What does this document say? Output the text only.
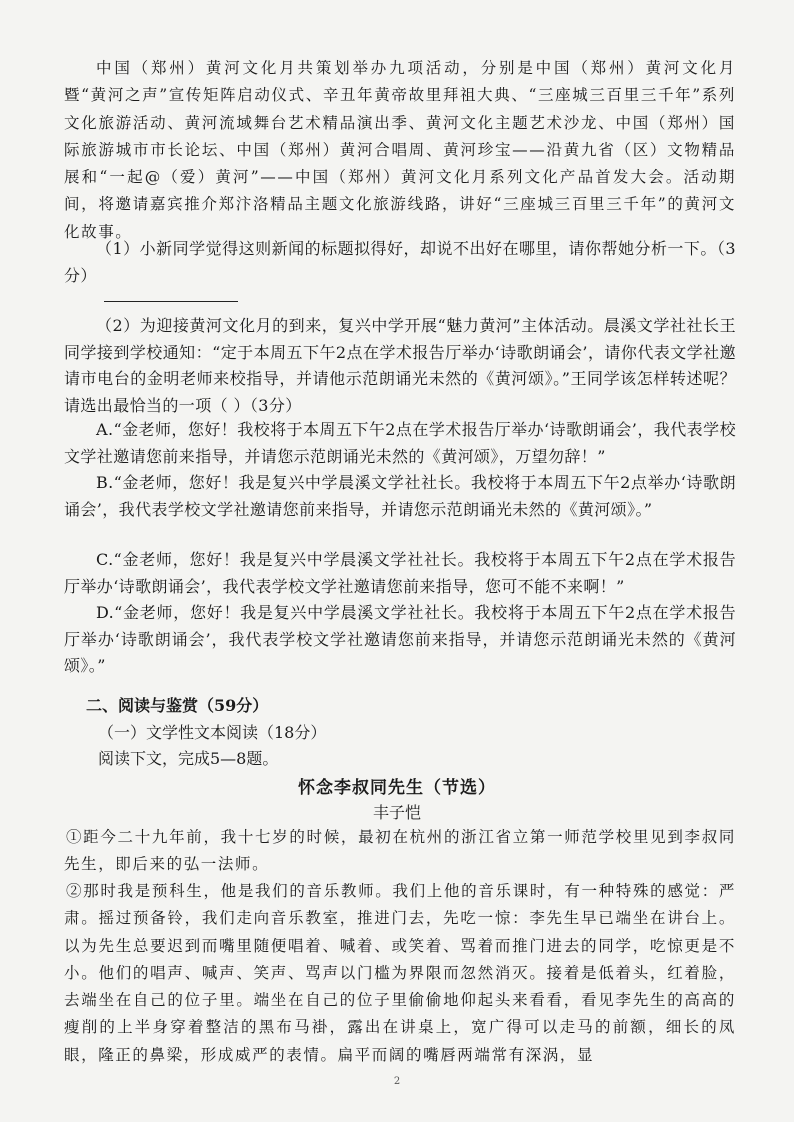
中国（郑州）黄河文化月共策划举办九项活动，分别是中国（郑州）黄河文化月暨“黄河之声”宣传矩阵启动仪式、辛丑年黄帝故里拜祖大典、“三座城三百里三千年”系列文化旅游活动、黄河流域舞台艺术精品演出季、黄河文化主题艺术沙龙、中国（郑州）国际旅游城市市长论坛、中国（郑州）黄河合唱周、黄河珍宝——沿黄九省（区）文物精品展和“一起@（爱）黄河”——中国（郑州）黄河文化月系列文化产品首发大会。活动期间，将邀请嘉宾推介郑汴洛精品主题文化旅游线路，讲好“三座城三百里三千年”的黄河文化故事。

（1）小新同学觉得这则新闻的标题拟得好，却说不出好在哪里，请你帮她分析一下。（3分）

（2）为迎接黄河文化月的到来，复兴中学开展“魅力黄河”主体活动。晨溪文学社社长王同学接到学校通知：“定于本周五下午2点在学术报告厅举办‘诗歌朗诵会’，请你代表文学社邀请市电台的金明老师来校指导，并请他示范朗诵光未然的《黄河颂》。”王同学该怎样转述呢？请选出最恰当的一项（ ）（3分）

A.“金老师，您好！我校将于本周五下午2点在学术报告厅举办‘诗歌朗诵会’，我代表学校文学社邀请您前来指导，并请您示范朗诵光未然的《黄河颂》，万望勿辞！”

B.“金老师，您好！我是复兴中学晨溪文学社社长。我校将于本周五下午2点举办‘诗歌朗诵会’，我代表学校文学社邀请您前来指导，并请您示范朗诵光未然的《黄河颂》。”

C.“金老师，您好！我是复兴中学晨溪文学社社长。我校将于本周五下午2点在学术报告厅举办‘诗歌朗诵会’，我代表学校文学社邀请您前来指导，您可不能不来啊！”

D.“金老师，您好！我是复兴中学晨溪文学社社长。我校将于本周五下午2点在学术报告厅举办‘诗歌朗诵会’，我代表学校文学社邀请您前来指导，并请您示范朗诵光未然的《黄河颂》。”

二、阅读与鉴赏（59分）
（一）文学性文本阅读（18分）
阅读下文，完成5—8题。
怀念李叔同先生（节选）
丰子恺

①距今二十九年前，我十七岁的时候，最初在杭州的浙江省立第一师范学校里见到李叔同先生，即后来的弘一法师。

②那时我是预科生，他是我们的音乐教师。我们上他的音乐课时，有一种特殊的感觉：严肃。摇过预备铃，我们走向音乐教室，推进门去，先吃一惊：李先生早已端坐在讲台上。以为先生总要迟到而嘴里随便唱着、喊着、或笑着、骂着而推门进去的同学，吃惊更是不小。他们的唱声、喊声、笑声、骂声以门槛为界限而忽然消灭。接着是低着头，红着脸，去端坐在自己的位子里。端坐在自己的位子里偷偷地仰起头来看看，看见李先生的高高的瘦削的上半身穿着整洁的黑布马褂，露出在讲桌上，宽广得可以走马的前额，细长的凤眼，隆正的鼻梁，形成威严的表情。扁平而阔的嘴唇两端常有深涡，显

2
